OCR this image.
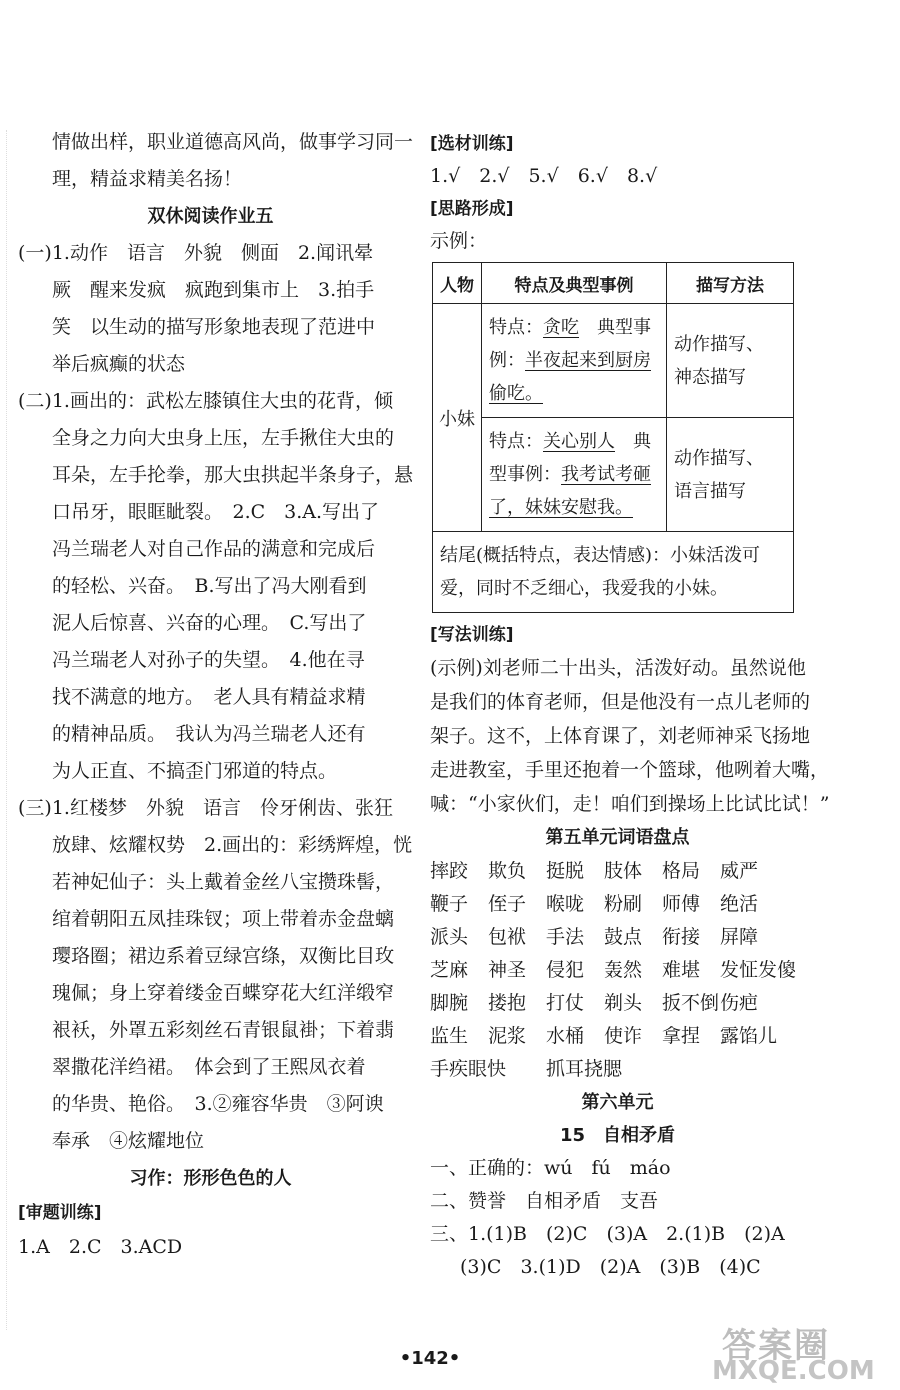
情做出样，职业道德高风尚，做事学习同一

理，精益求精美名扬！

双休阅读作业五

(一)1.动作　语言　外貌　侧面　2.闻讯晕

厥　醒来发疯　疯跑到集市上　3.拍手

笑　以生动的描写形象地表现了范进中

举后疯癫的状态

(二)1.画出的：武松左膝镇住大虫的花背，倾

全身之力向大虫身上压，左手揪住大虫的

耳朵，左手抡拳，那大虫拱起半条身子，悬

口吊牙，眼眶眦裂。　2.C　3.A.写出了

冯兰瑞老人对自己作品的满意和完成后

的轻松、兴奋。　B.写出了冯大刚看到

泥人后惊喜、兴奋的心理。　C.写出了

冯兰瑞老人对孙子的失望。　4.他在寻

找不满意的地方。　老人具有精益求精

的精神品质。　我认为冯兰瑞老人还有

为人正直、不搞歪门邪道的特点。

(三)1.红楼梦　外貌　语言　伶牙俐齿、张狂

放肆、炫耀权势　2.画出的：彩绣辉煌，恍

若神妃仙子：头上戴着金丝八宝攒珠髻，

绾着朝阳五凤挂珠钗；项上带着赤金盘螭

璎珞圈；裙边系着豆绿宫绦，双衡比目玫

瑰佩；身上穿着缕金百蝶穿花大红洋缎窄

裉袄，外罩五彩刻丝石青银鼠褂；下着翡

翠撒花洋绉裙。　体会到了王熙凤衣着

的华贵、艳俗。　3.②雍容华贵　③阿谀

奉承　④炫耀地位

习作：形形色色的人
[审题训练]

1.A　2.C　3.ACD

[选材训练]

1.√　2.√　5.√　6.√　8.√

[思路形成]

示例：

人物	特点及典型事例	描写方法
小妹	特点：贪吃　典型事
例：半夜起来到厨房
偷吃。	动作描写、
神态描写

	特点：关心别人　典
型事例：我考试考砸
了，妹妹安慰我。	动作描写、
语言描写

结尾(概括特点，表达情感)：小妹活泼可
爱，同时不乏细心，我爱我的小妹。		
[写法训练]

(示例)刘老师二十出头，活泼好动。虽然说他

是我们的体育老师，但是他没有一点儿老师的

架子。这不，上体育课了，刘老师神采飞扬地

走进教室，手里还抱着一个篮球，他咧着大嘴，

喊：“小家伙们，走！咱们到操场上比试比试！”

第五单元词语盘点
摔跤	欺负	挺脱	肢体	格局	威严
鞭子	侄子	喉咙	粉刷	师傅	绝活
派头	包袱	手法	鼓点	衔接	屏障
芝麻	神圣	侵犯	轰然	难堪	发怔发傻
脚腕	搂抱	打仗	剃头	扳不倒 伤疤
监生	泥浆	水桶	使诈	拿捏	露馅儿
手疾眼快	抓耳挠腮
第六单元
15　自相矛盾

一、正确的：wú　fú　máo

二、赞誉　自相矛盾　支吾

三、1.(1)B　(2)C　(3)A　2.(1)B　(2)A

(3)C　3.(1)D　(2)A　(3)B　(4)C

•142•	答案圈
MXQE.COM
